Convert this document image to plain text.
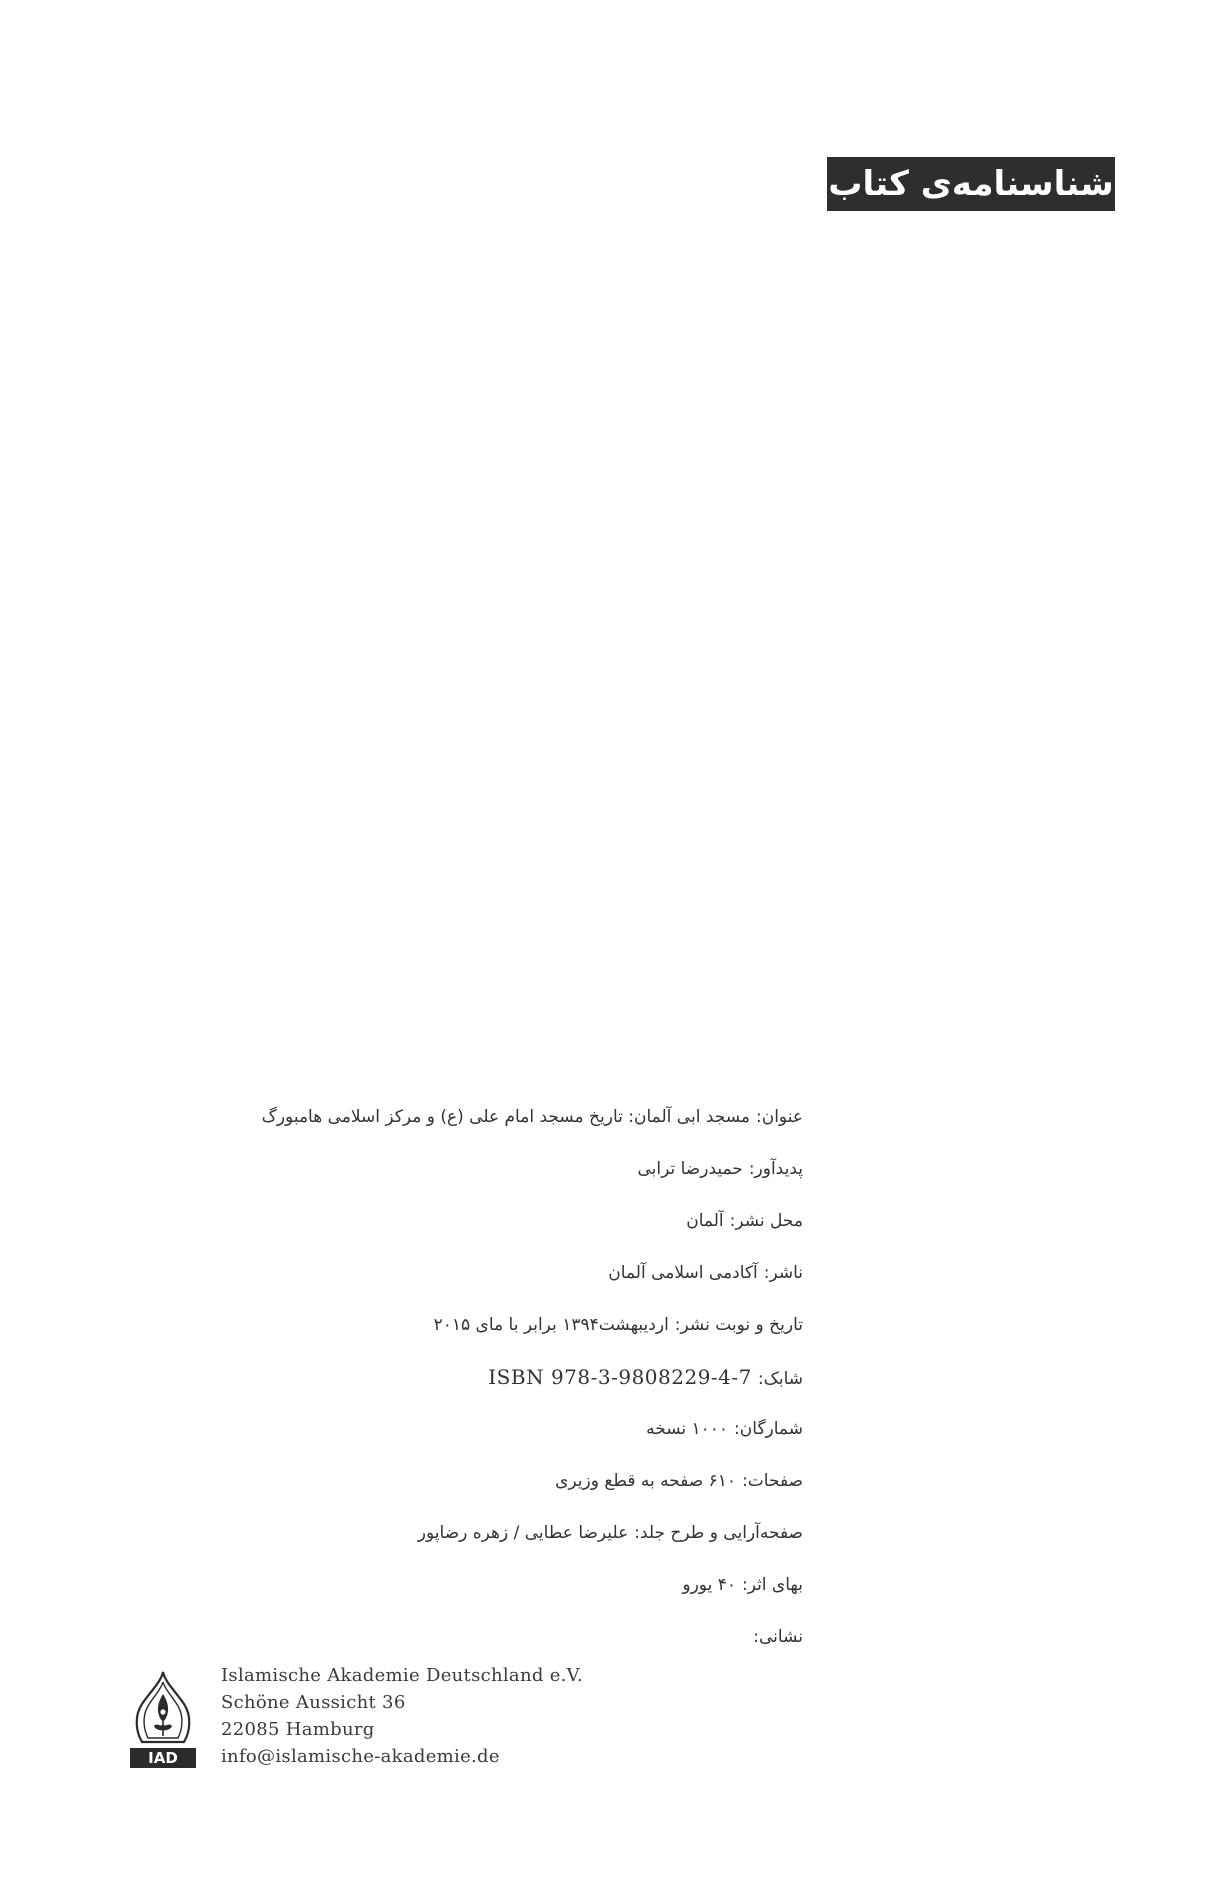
شناسنامه‌ی کتاب
عنوان:مسجد ابی آلمان: تاریخ مسجد امام علی (ع) و مرکز اسلامی هامبورگ
پدیدآور:حمیدرضا ترابی
محل نشر:آلمان
ناشر:آکادمی اسلامی آلمان
تاریخ و نوبت نشر:اردیبهشت۱۳۹۴ برابر با مای ۲۰۱۵
شابک:ISBN 978-3-9808229-4-7
شمارگان:۱۰۰۰ نسخه
صفحات:۶۱۰ صفحه به قطع وزیری
صفحه‌آرایی و طرح جلد:علیرضا عطایی / زهره رضاپور
بهای اثر:۴۰ یورو
نشانی:
IAD
Islamische Akademie Deutschland e.V.
Schöne Aussicht 36
22085 Hamburg
info@islamische-akademie.de
